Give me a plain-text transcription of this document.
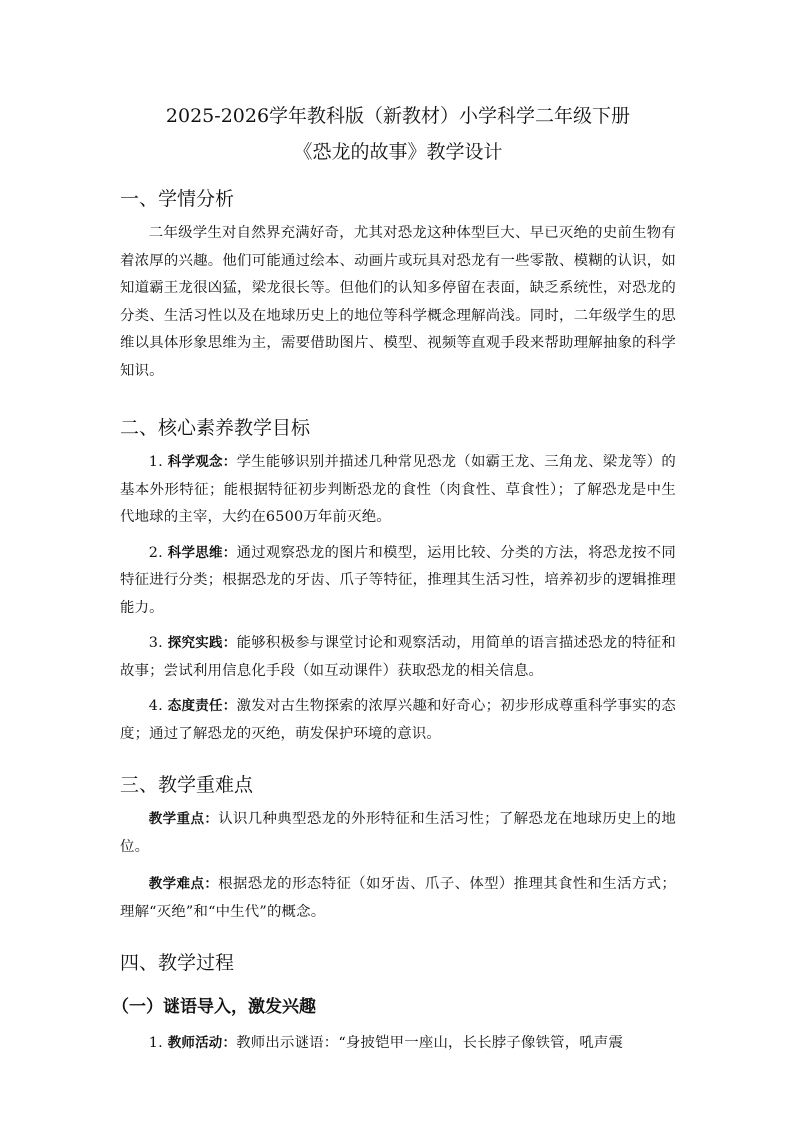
2025-2026学年教科版（新教材）小学科学二年级下册

《恐龙的故事》教学设计

一、学情分析

二年级学生对自然界充满好奇，尤其对恐龙这种体型巨大、早已灭绝的史前生物有着浓厚的兴趣。他们可能通过绘本、动画片或玩具对恐龙有一些零散、模糊的认识，如知道霸王龙很凶猛，梁龙很长等。但他们的认知多停留在表面，缺乏系统性，对恐龙的分类、生活习性以及在地球历史上的地位等科学概念理解尚浅。同时，二年级学生的思维以具体形象思维为主，需要借助图片、模型、视频等直观手段来帮助理解抽象的科学知识。

二、核心素养教学目标

1. 科学观念：学生能够识别并描述几种常见恐龙（如霸王龙、三角龙、梁龙等）的基本外形特征；能根据特征初步判断恐龙的食性（肉食性、草食性）；了解恐龙是中生代地球的主宰，大约在6500万年前灭绝。

2. 科学思维：通过观察恐龙的图片和模型，运用比较、分类的方法，将恐龙按不同特征进行分类；根据恐龙的牙齿、爪子等特征，推理其生活习性，培养初步的逻辑推理能力。

3. 探究实践：能够积极参与课堂讨论和观察活动，用简单的语言描述恐龙的特征和故事；尝试利用信息化手段（如互动课件）获取恐龙的相关信息。

4. 态度责任：激发对古生物探索的浓厚兴趣和好奇心；初步形成尊重科学事实的态度；通过了解恐龙的灭绝，萌发保护环境的意识。

三、教学重难点

教学重点：认识几种典型恐龙的外形特征和生活习性；了解恐龙在地球历史上的地位。

教学难点：根据恐龙的形态特征（如牙齿、爪子、体型）推理其食性和生活方式；理解“灭绝”和“中生代”的概念。

四、教学过程
（一）谜语导入，激发兴趣

1. 教师活动：教师出示谜语：“身披铠甲一座山，长长脖子像铁管，吼声震
